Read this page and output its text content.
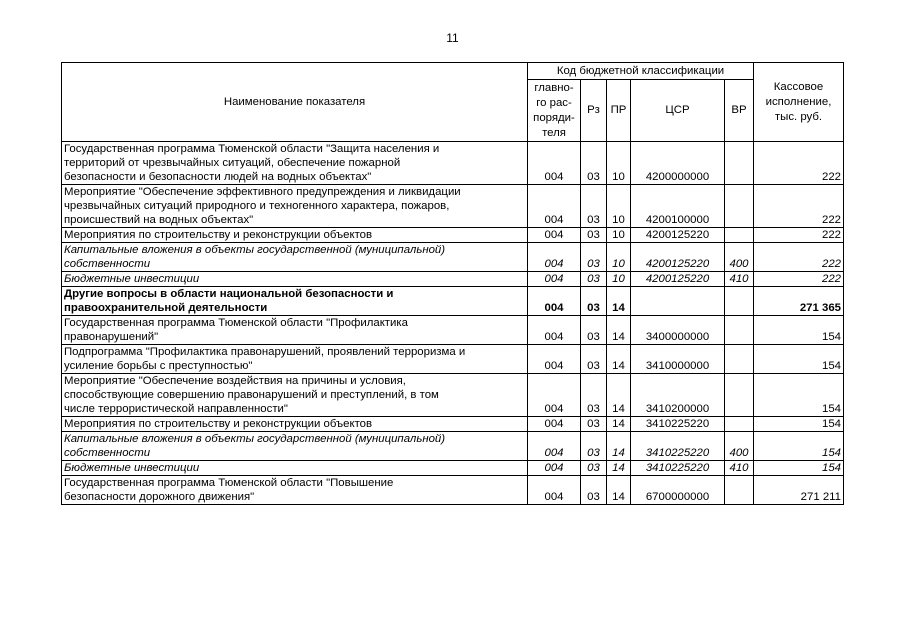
11
Наименование показателя	Код бюджетной классификации					Кассовое
исполнение,
тыс. руб.

	главно-
го рас-
поряди-
теля	Рз	ПР	ЦСР	ВР	

Государственная программа Тюменской области "Защита населения и
территорий от чрезвычайных ситуаций, обеспечение пожарной
безопасности и безопасности людей на водных объектах"	004	03	10	4200000000		222

Мероприятие "Обеспечение эффективного предупреждения и ликвидации
чрезвычайных ситуаций природного и техногенного характера, пожаров,
происшествий на водных объектах"	004	03	10	4200100000		222

Мероприятия по строительству и реконструкции объектов	004	03	10	4200125220		222

Капитальные вложения в объекты государственной (муниципальной)
собственности	004	03	10	4200125220	400	222

Бюджетные инвестиции	004	03	10	4200125220	410	222

Другие вопросы в области национальной безопасности и
правоохранительной деятельности	004	03	14			271 365

Государственная программа Тюменской области "Профилактика
правонарушений"	004	03	14	3400000000		154

Подпрограмма "Профилактика правонарушений, проявлений терроризма и
усиление борьбы с преступностью"	004	03	14	3410000000		154

Мероприятие "Обеспечение воздействия на причины и условия,
способствующие совершению правонарушений и преступлений, в том
числе террористической направленности"	004	03	14	3410200000		154

Мероприятия по строительству и реконструкции объектов	004	03	14	3410225220		154

Капитальные вложения в объекты государственной (муниципальной)
собственности	004	03	14	3410225220	400	154

Бюджетные инвестиции	004	03	14	3410225220	410	154

Государственная программа Тюменской области "Повышение
безопасности дорожного движения"	004	03	14	6700000000		271 211
